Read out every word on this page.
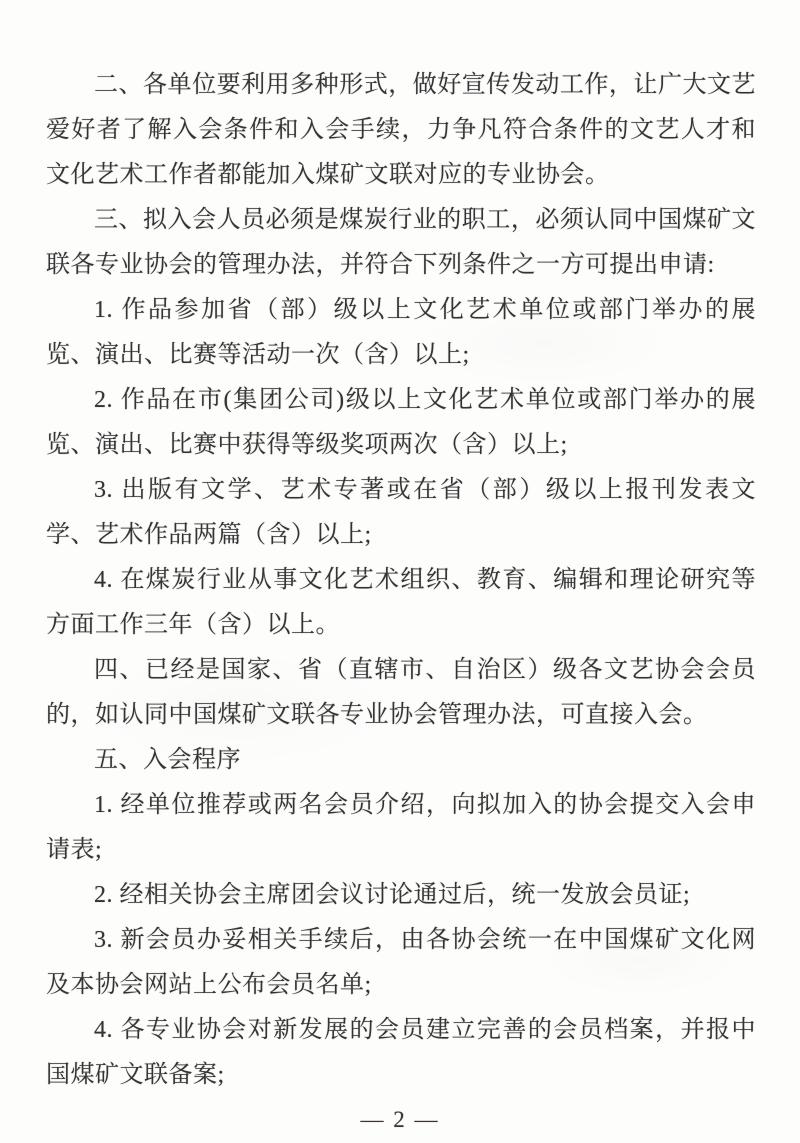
二、各单位要利用多种形式，做好宣传发动工作，让广大文艺爱好者了解入会条件和入会手续，力争凡符合条件的文艺人才和文化艺术工作者都能加入煤矿文联对应的专业协会。

三、拟入会人员必须是煤炭行业的职工，必须认同中国煤矿文联各专业协会的管理办法，并符合下列条件之一方可提出申请:

1. 作品参加省（部）级以上文化艺术单位或部门举办的展览、演出、比赛等活动一次（含）以上;

2. 作品在市(集团公司)级以上文化艺术单位或部门举办的展览、演出、比赛中获得等级奖项两次（含）以上;

3. 出版有文学、艺术专著或在省（部）级以上报刊发表文学、艺术作品两篇（含）以上;

4. 在煤炭行业从事文化艺术组织、教育、编辑和理论研究等方面工作三年（含）以上。

四、已经是国家、省（直辖市、自治区）级各文艺协会会员的，如认同中国煤矿文联各专业协会管理办法，可直接入会。

五、入会程序

1. 经单位推荐或两名会员介绍，向拟加入的协会提交入会申请表;

2. 经相关协会主席团会议讨论通过后，统一发放会员证;

3. 新会员办妥相关手续后，由各协会统一在中国煤矿文化网及本协会网站上公布会员名单;

4. 各专业协会对新发展的会员建立完善的会员档案，并报中国煤矿文联备案;

— 2 —
